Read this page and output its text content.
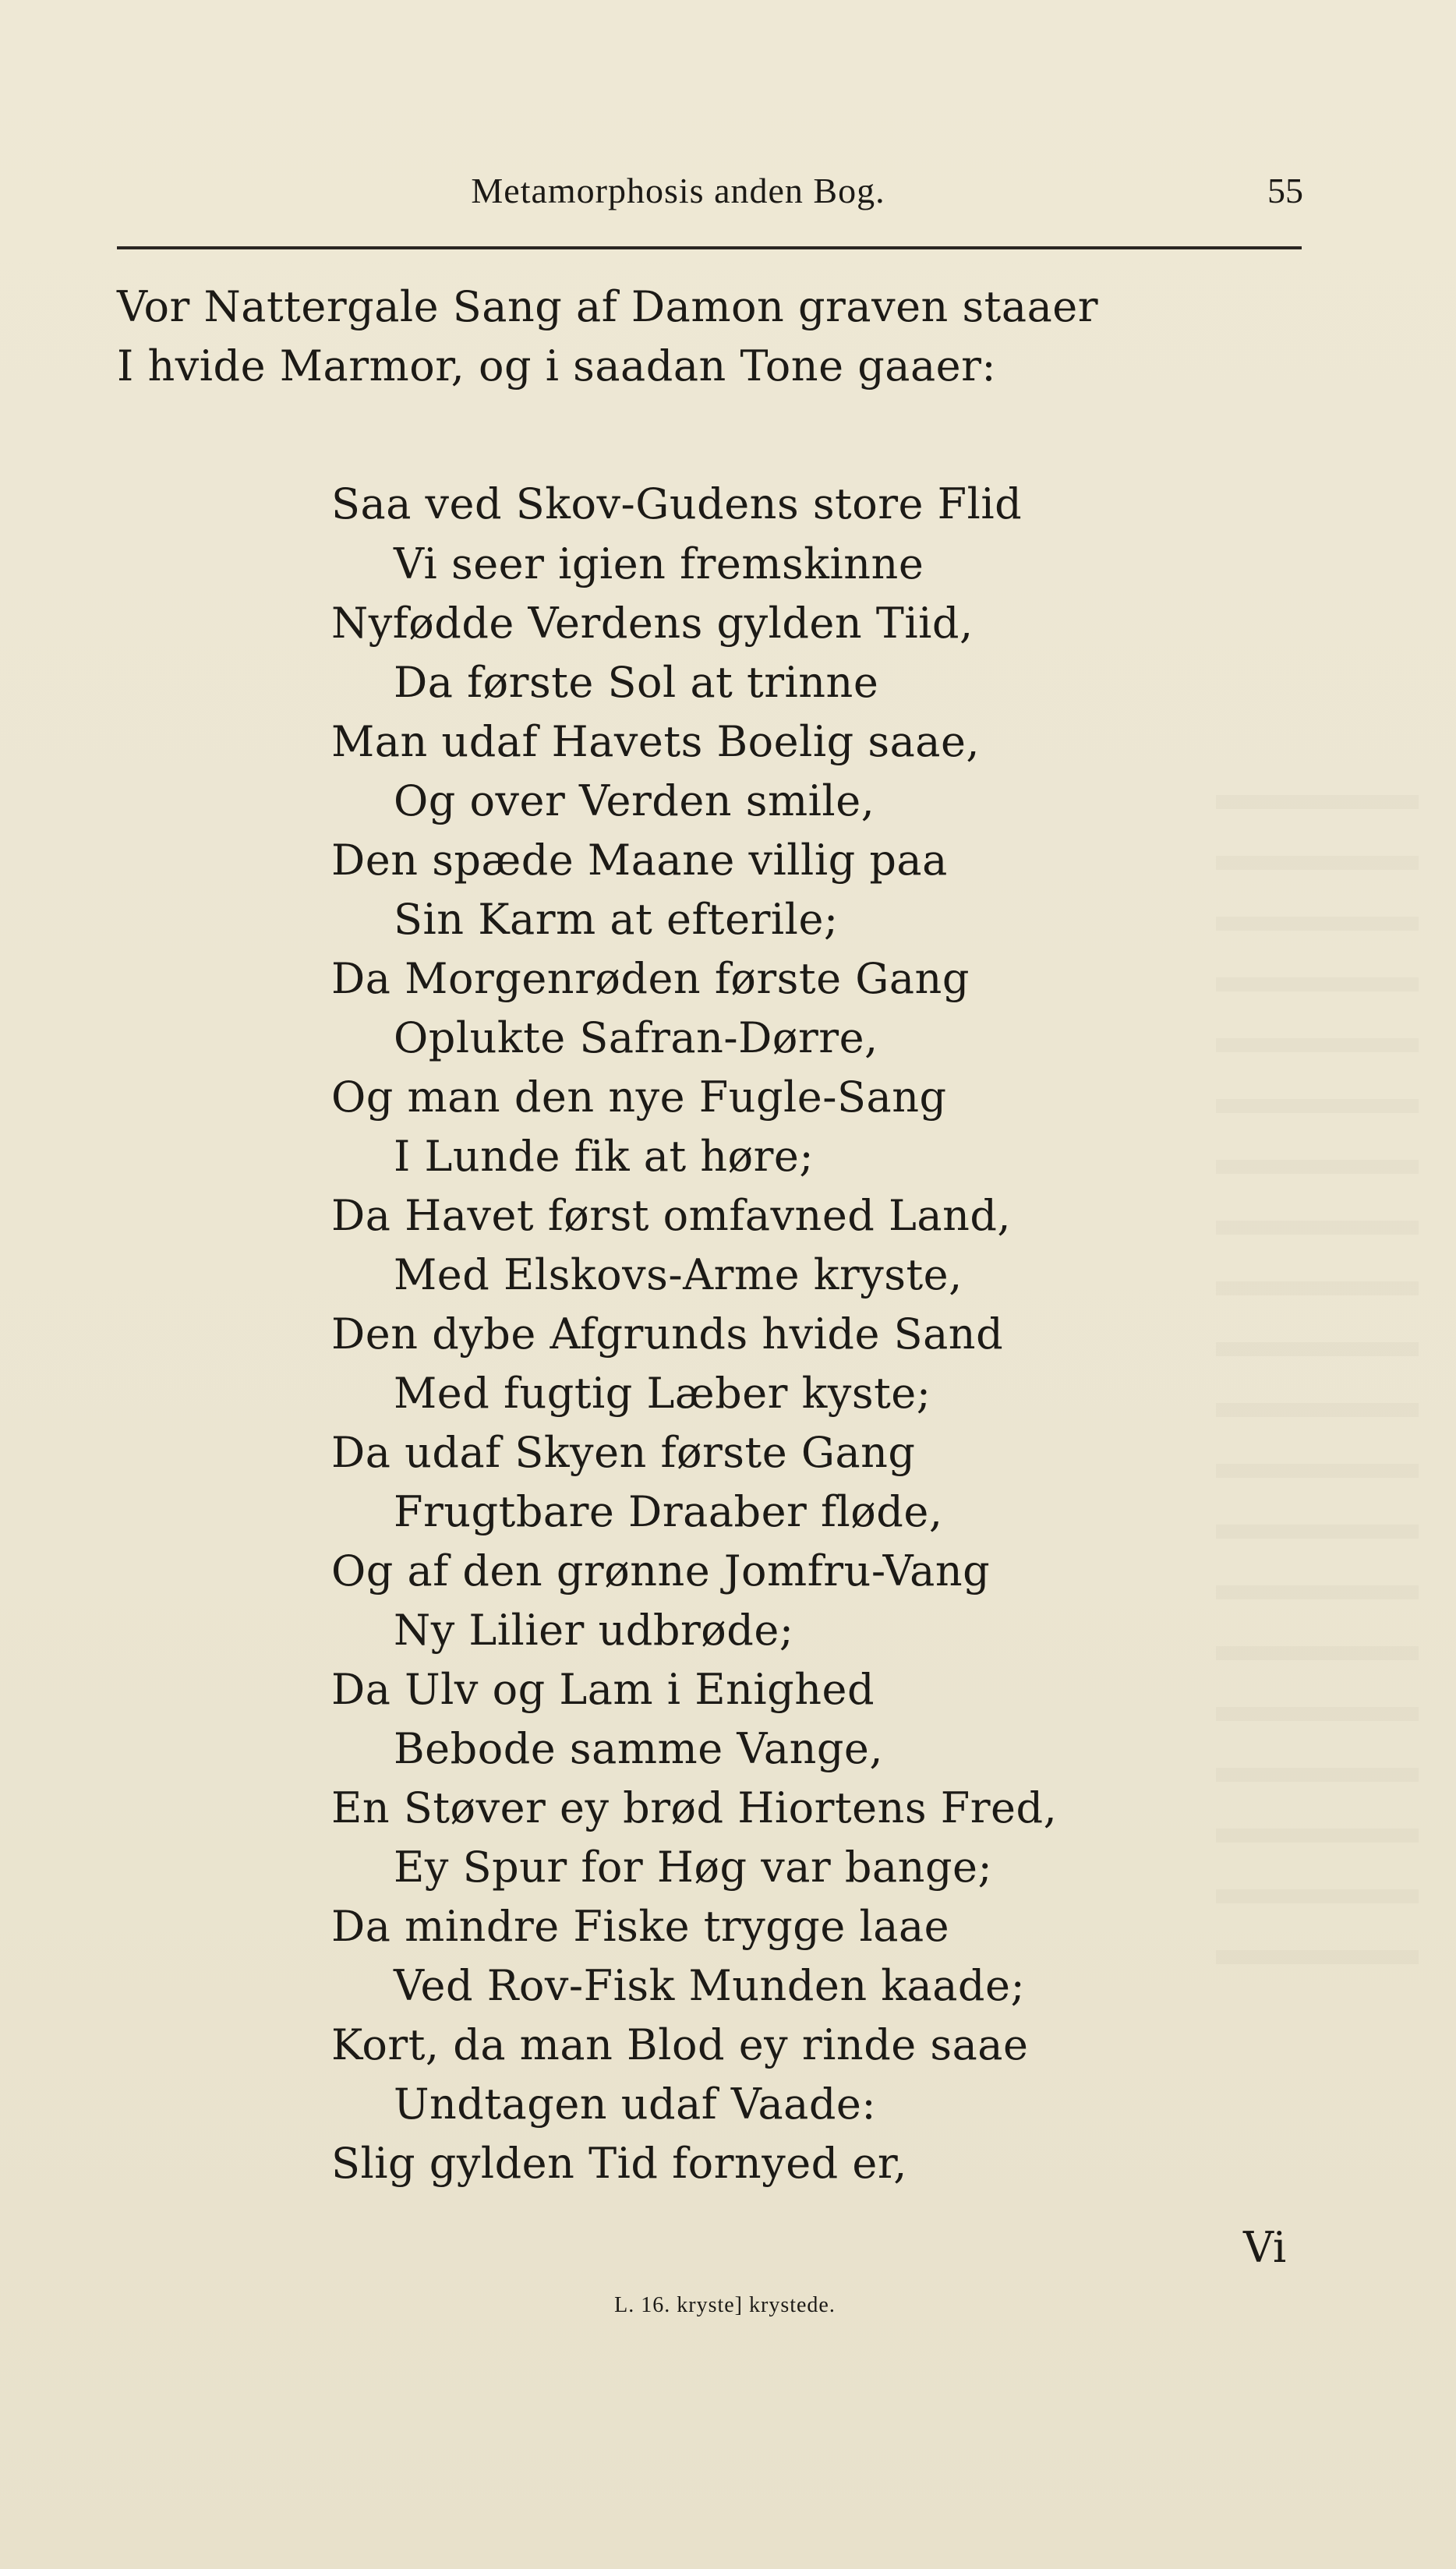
Metamorphosis anden Bog.	55
Vor Nattergale Sang af Damon graven staaer
I hvide Marmor, og i saadan Tone gaaer:
Saa ved Skov-Gudens store Flid
Vi seer igien fremskinne
Nyfødde Verdens gylden Tiid,
Da første Sol at trinne
Man udaf Havets Boelig saae,
Og over Verden smile,
Den spæde Maane villig paa
Sin Karm at efterile;
Da Morgenrøden første Gang
Oplukte Safran-Dørre,
Og man den nye Fugle-Sang
I Lunde fik at høre;
Da Havet først omfavned Land,
Med Elskovs-Arme kryste,
Den dybe Afgrunds hvide Sand
Med fugtig Læber kyste;
Da udaf Skyen første Gang
Frugtbare Draaber fløde,
Og af den grønne Jomfru-Vang
Ny Lilier udbrøde;
Da Ulv og Lam i Enighed
Bebode samme Vange,
En Støver ey brød Hiortens Fred,
Ey Spur for Høg var bange;
Da mindre Fiske trygge laae
Ved Rov-Fisk Munden kaade;
Kort, da man Blod ey rinde saae
Undtagen udaf Vaade:
Slig gylden Tid fornyed er,
Vi
L. 16. kryste] krystede.
